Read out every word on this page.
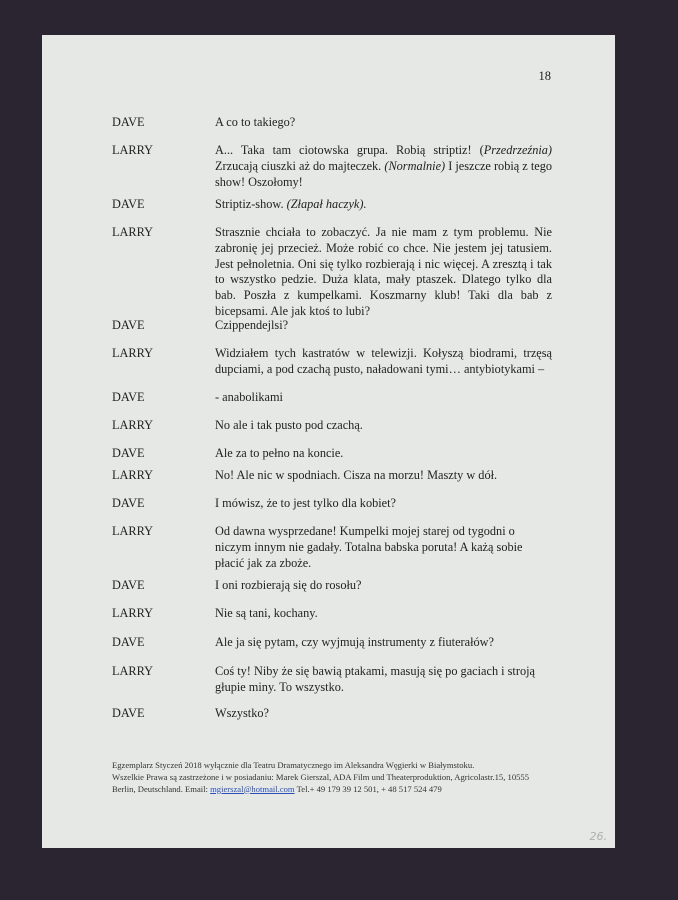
18
DAVE	A co to takiego?
LARRY	A... Taka tam ciotowska grupa. Robią striptiz! (Przedrzeźnia) Zrzucają ciuszki aż do majteczek. (Normalnie) I jeszcze robią z tego show! Oszołomy!
DAVE	Striptiz-show. (Złapał haczyk).
LARRY	Strasznie chciała to zobaczyć. Ja nie mam z tym problemu. Nie zabronię jej przecież. Może robić co chce. Nie jestem jej tatusiem. Jest pełnoletnia. Oni się tylko rozbierają i nic więcej. A zresztą i tak to wszystko pedzie. Duża klata, mały ptaszek. Dlatego tylko dla bab. Poszła z kumpelkami. Koszmarny klub! Taki dla bab z bicepsami. Ale jak ktoś to lubi?
DAVE	Czippendejlsi?
LARRY	Widziałem tych kastratów w telewizji. Kołyszą biodrami, trzęsą dupciami, a pod czachą pusto, naładowani tymi… antybiotykami –
DAVE	- anabolikami
LARRY	No ale i tak pusto pod czachą.
DAVE	Ale za to pełno na koncie.
LARRY	No! Ale nic w spodniach. Cisza na morzu! Maszty w dół.
DAVE	I mówisz, że to jest tylko dla kobiet?
LARRY	Od dawna wysprzedane! Kumpelki mojej starej od tygodni o niczym innym nie gadały. Totalna babska poruta! A każą sobie płacić jak za zboże.
DAVE	I oni rozbierają się do rosołu?
LARRY	Nie są tani, kochany.
DAVE	Ale ja się pytam, czy wyjmują instrumenty z fiuterałów?
LARRY	Coś ty! Niby że się bawią ptakami, masują się po gaciach i stroją głupie miny. To wszystko.
DAVE	Wszystko?
Egzemplarz Styczeń 2018 wyłącznie dla Teatru Dramatycznego im Aleksandra Węgierki w Białymstoku.
Wszelkie Prawa są zastrzeżone i w posiadaniu: Marek Gierszal, ADA Film und Theaterproduktion, Agricolastr.15, 10555
Berlin, Deutschland. Email: mgierszal@hotmail.com Tel.+ 49 179 39 12 501, + 48 517 524 479
26.
